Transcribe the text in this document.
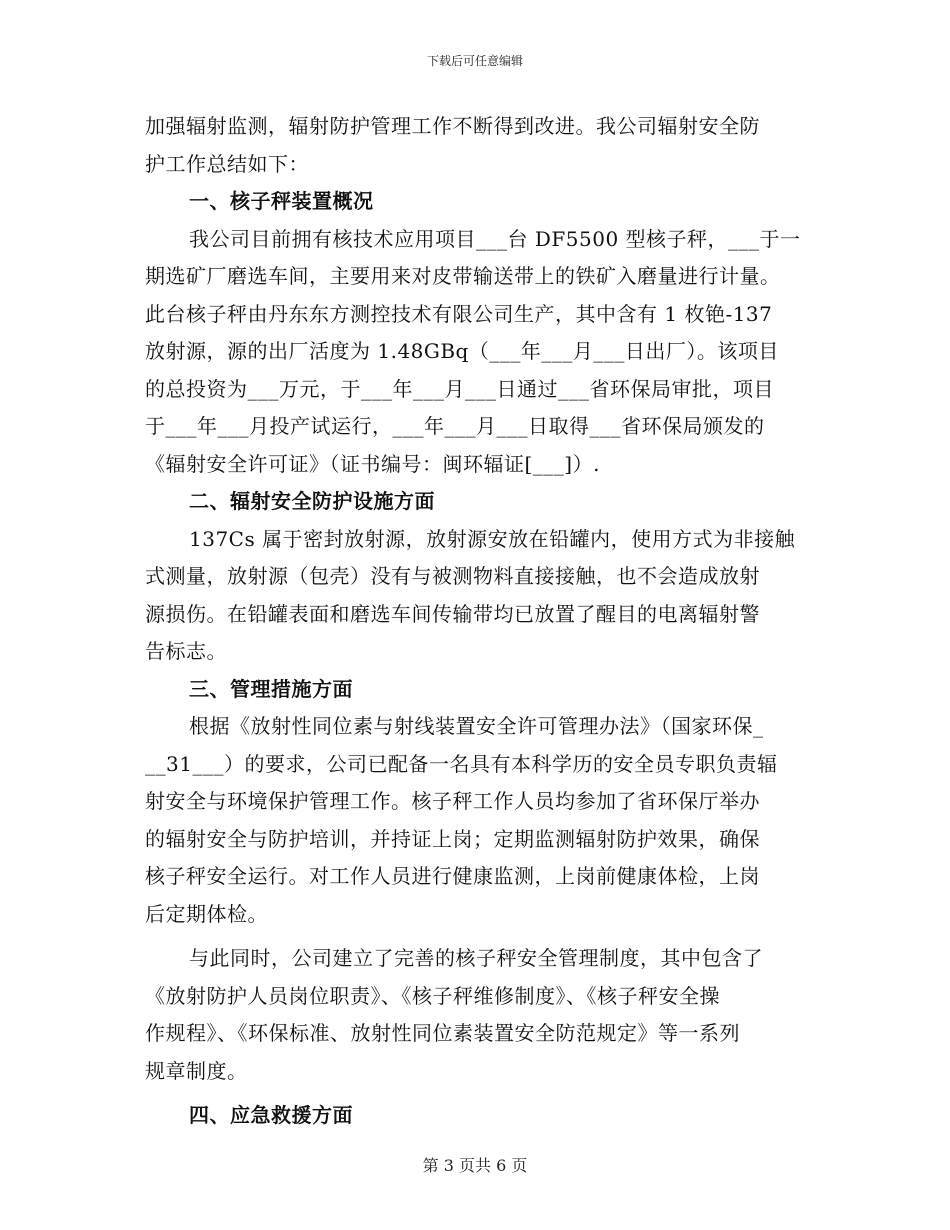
下载后可任意编辑
加强辐射监测，辐射防护管理工作不断得到改进。我公司辐射安全防
护工作总结如下：
一、核子秤装置概况
我公司目前拥有核技术应用项目___台 DF5500 型核子秤，___于一
期选矿厂磨选车间，主要用来对皮带输送带上的铁矿入磨量进行计量。
此台核子秤由丹东东方测控技术有限公司生产，其中含有 1 枚铯-137
放射源，源的出厂活度为 1.48GBq（___年___月___日出厂）。该项目
的总投资为___万元，于___年___月___日通过___省环保局审批，项目
于___年___月投产试运行，___年___月___日取得___省环保局颁发的
《辐射安全许可证》（证书编号：闽环辐证[___]）.
二、辐射安全防护设施方面
137Cs 属于密封放射源，放射源安放在铅罐内，使用方式为非接触
式测量，放射源（包壳）没有与被测物料直接接触，也不会造成放射
源损伤。在铅罐表面和磨选车间传输带均已放置了醒目的电离辐射警
告标志。
三、管理措施方面
根据《放射性同位素与射线装置安全许可管理办法》（国家环保_
__31___）的要求，公司已配备一名具有本科学历的安全员专职负责辐
射安全与环境保护管理工作。核子秤工作人员均参加了省环保厅举办
的辐射安全与防护培训，并持证上岗；定期监测辐射防护效果，确保
核子秤安全运行。对工作人员进行健康监测，上岗前健康体检，上岗
后定期体检。
与此同时，公司建立了完善的核子秤安全管理制度，其中包含了
《放射防护人员岗位职责》、《核子秤维修制度》、《核子秤安全操
作规程》、《环保标准、放射性同位素装置安全防范规定》等一系列
规章制度。
四、应急救援方面
第 3 页共 6 页
